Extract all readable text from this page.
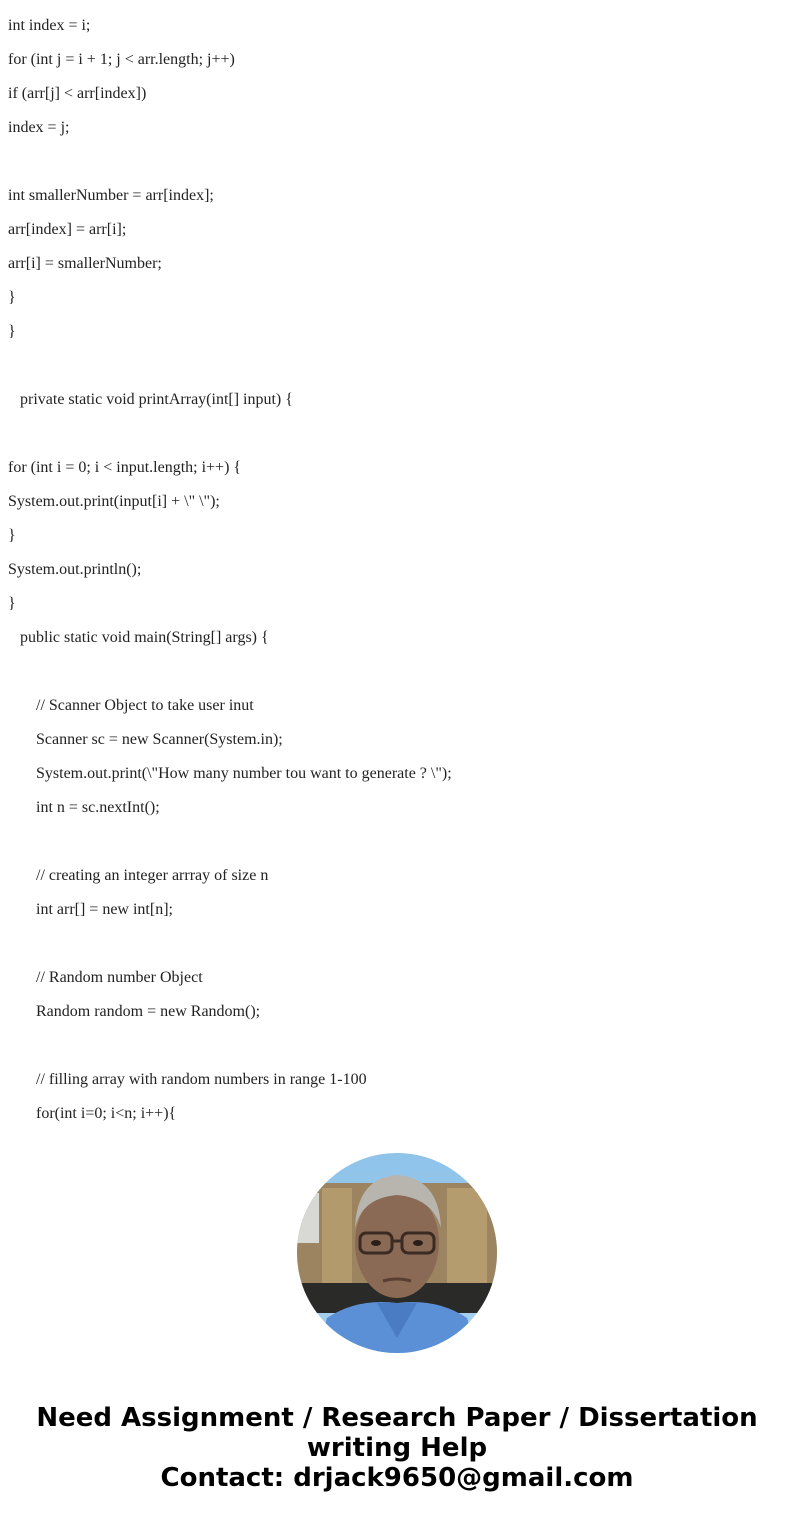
int index = i;
for (int j = i + 1; j < arr.length; j++)
if (arr[j] < arr[index])
index = j;
int smallerNumber = arr[index];
arr[index] = arr[i];
arr[i] = smallerNumber;
}
}
private static void printArray(int[] input) {
for (int i = 0; i < input.length; i++) {
System.out.print(input[i] + \" \");
}
System.out.println();
}
public static void main(String[] args) {
// Scanner Object to take user inut
Scanner sc = new Scanner(System.in);
System.out.print(\"How many number tou want to generate ? \");
int n = sc.nextInt();
// creating an integer arrray of size n
int arr[] = new int[n];
// Random number Object
Random random = new Random();
// filling array with random numbers in range 1-100
for(int i=0; i<n; i++){
Need Assignment / Research Paper / Dissertation
writing Help
Contact: drjack9650@gmail.com
